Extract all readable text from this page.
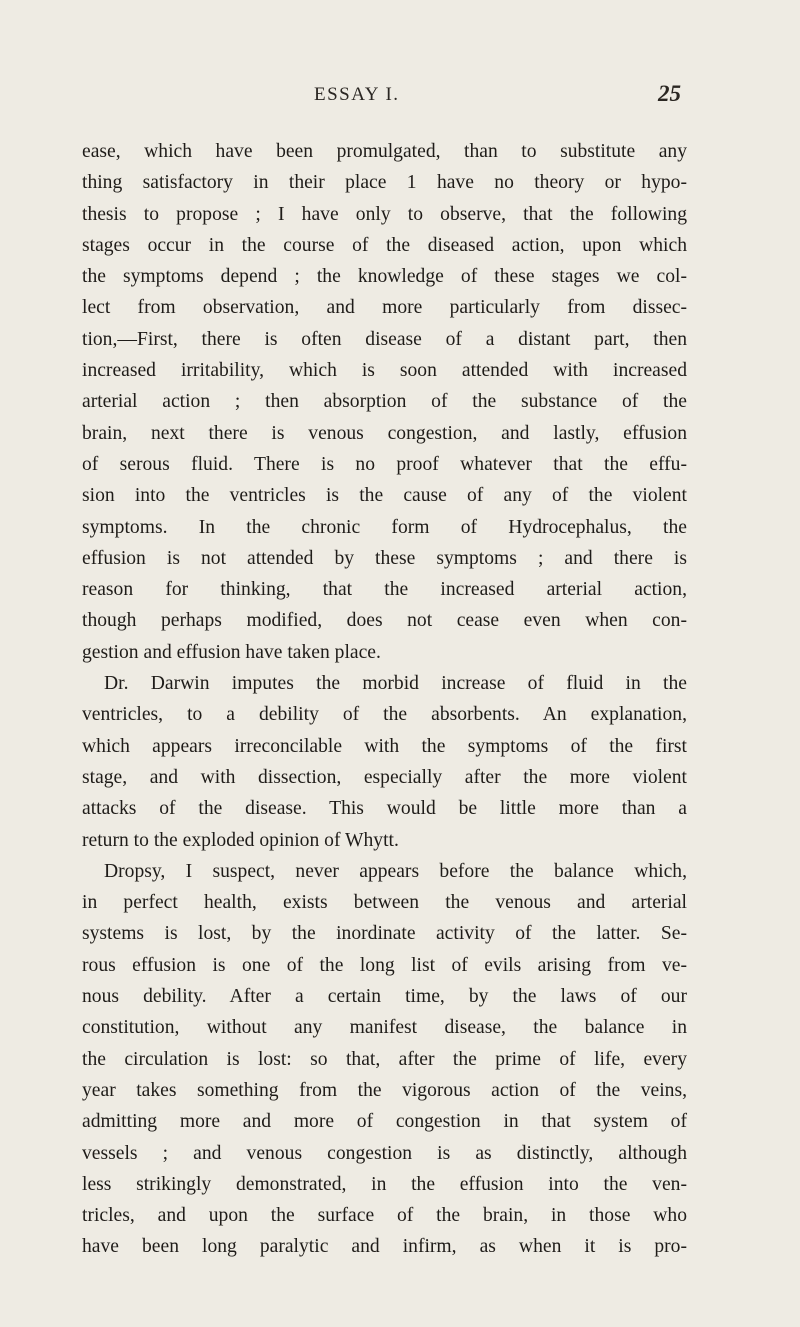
ESSAY I.	25
ease, which have been promulgated, than to substitute any
thing satisfactory in their place 1 have no theory or hypo-
thesis to propose ; I have only to observe, that the following
stages occur in the course of the diseased action, upon which
the symptoms depend ; the knowledge of these stages we col-
lect from observation, and more particularly from dissec-
tion,—First, there is often disease of a distant part, then
increased irritability, which is soon attended with increased
arterial action ; then absorption of the substance of the
brain, next there is venous congestion, and lastly, effusion
of serous fluid. There is no proof whatever that the effu-
sion into the ventricles is the cause of any of the violent
symptoms. In the chronic form of Hydrocephalus, the
effusion is not attended by these symptoms ; and there is
reason for thinking, that the increased arterial action,
though perhaps modified, does not cease even when con-
gestion and effusion have taken place.
Dr. Darwin imputes the morbid increase of fluid in the
ventricles, to a debility of the absorbents. An explanation,
which appears irreconcilable with the symptoms of the first
stage, and with dissection, especially after the more violent
attacks of the disease. This would be little more than a
return to the exploded opinion of Whytt.
Dropsy, I suspect, never appears before the balance which,
in perfect health, exists between the venous and arterial
systems is lost, by the inordinate activity of the latter. Se-
rous effusion is one of the long list of evils arising from ve-
nous debility. After a certain time, by the laws of our
constitution, without any manifest disease, the balance in
the circulation is lost: so that, after the prime of life, every
year takes something from the vigorous action of the veins,
admitting more and more of congestion in that system of
vessels ; and venous congestion is as distinctly, although
less strikingly demonstrated, in the effusion into the ven-
tricles, and upon the surface of the brain, in those who
have been long paralytic and infirm, as when it is pro-
